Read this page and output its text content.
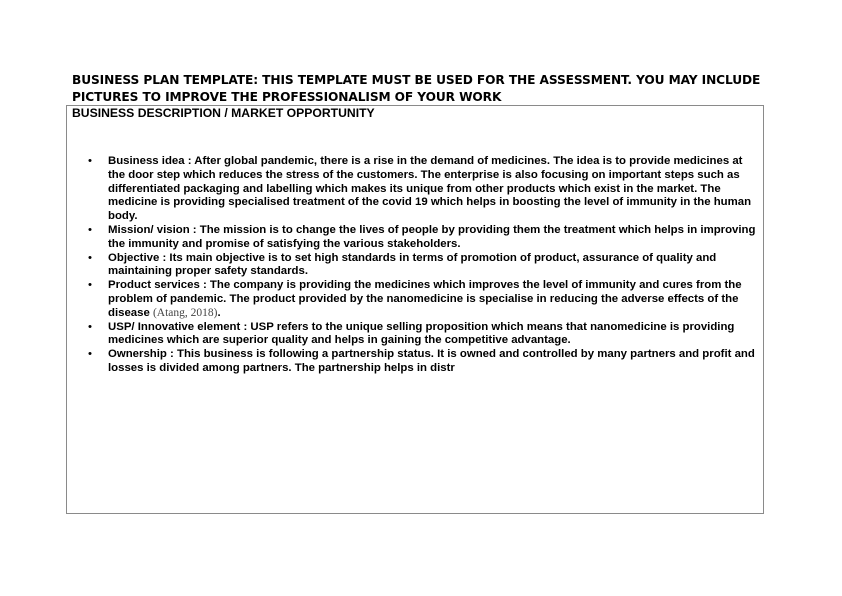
BUSINESS PLAN TEMPLATE: THIS TEMPLATE MUST BE USED FOR THE ASSESSMENT. YOU MAY INCLUDE PICTURES TO IMPROVE THE PROFESSIONALISM OF YOUR WORK
BUSINESS DESCRIPTION / MARKET OPPORTUNITY
• Business idea : After global pandemic, there is a rise in the demand of medicines. The idea is to provide medicines at the door step which reduces the stress of the customers. The enterprise is also focusing on important steps such as differentiated packaging and labelling which makes its unique from other products which exist in the market. The medicine is providing specialised treatment of the covid 19 which helps in boosting the level of immunity in the human body.
• Mission/ vision : The mission is to change the lives of people by providing them the treatment which helps in improving the immunity and promise of satisfying the various stakeholders.
• Objective : Its main objective is to set high standards in terms of promotion of product, assurance of quality and maintaining proper safety standards.
• Product services : The company is providing the medicines which improves the level of immunity and cures from the problem of pandemic. The product provided by the nanomedicine is specialise in reducing the adverse effects of the disease (Atang, 2018).
• USP/ Innovative element : USP refers to the unique selling proposition which means that nanomedicine is providing medicines which are superior quality and helps in gaining the competitive advantage.
• Ownership : This business is following a partnership status. It is owned and controlled by many partners and profit and losses is divided among partners. The partnership helps in distr
